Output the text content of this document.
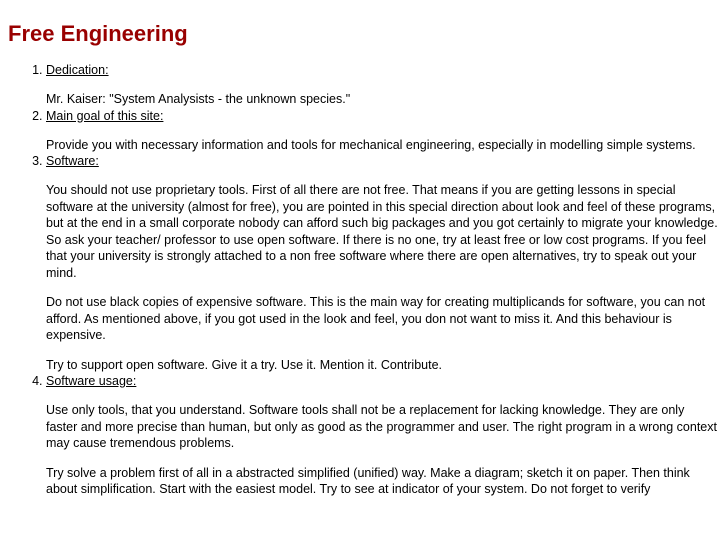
Free Engineering
1. Dedication:

Mr. Kaiser: "System Analysists - the unknown species."

2. Main goal of this site:

Provide you with necessary information and tools for mechanical engineering, especially in modelling simple systems.

3. Software:

You should not use proprietary tools. First of all there are not free. That means if you are getting lessons in special software at the university (almost for free), you are pointed in this special direction about look and feel of these programs, but at the end in a small corporate nobody can afford such big packages and you got certainly to migrate your knowledge. So ask your teacher/ professor to use open software. If there is no one, try at least free or low cost programs. If you feel that your university is strongly attached to a non free software where there are open alternatives, try to speak out your mind.

Do not use black copies of expensive software. This is the main way for creating multiplicands for software, you can not afford. As mentioned above, if you got used in the look and feel, you don not want to miss it. And this behaviour is expensive.

Try to support open software. Give it a try. Use it. Mention it. Contribute.

4. Software usage:

Use only tools, that you understand. Software tools shall not be a replacement for lacking knowledge. They are only faster and more precise than human, but only as good as the programmer and user. The right program in a wrong context may cause tremendous problems.

Try solve a problem first of all in a abstracted simplified (unified) way. Make a diagram; sketch it on paper. Then think about simplification. Start with the easiest model. Try to see at indicator of your system. Do not forget to verify
